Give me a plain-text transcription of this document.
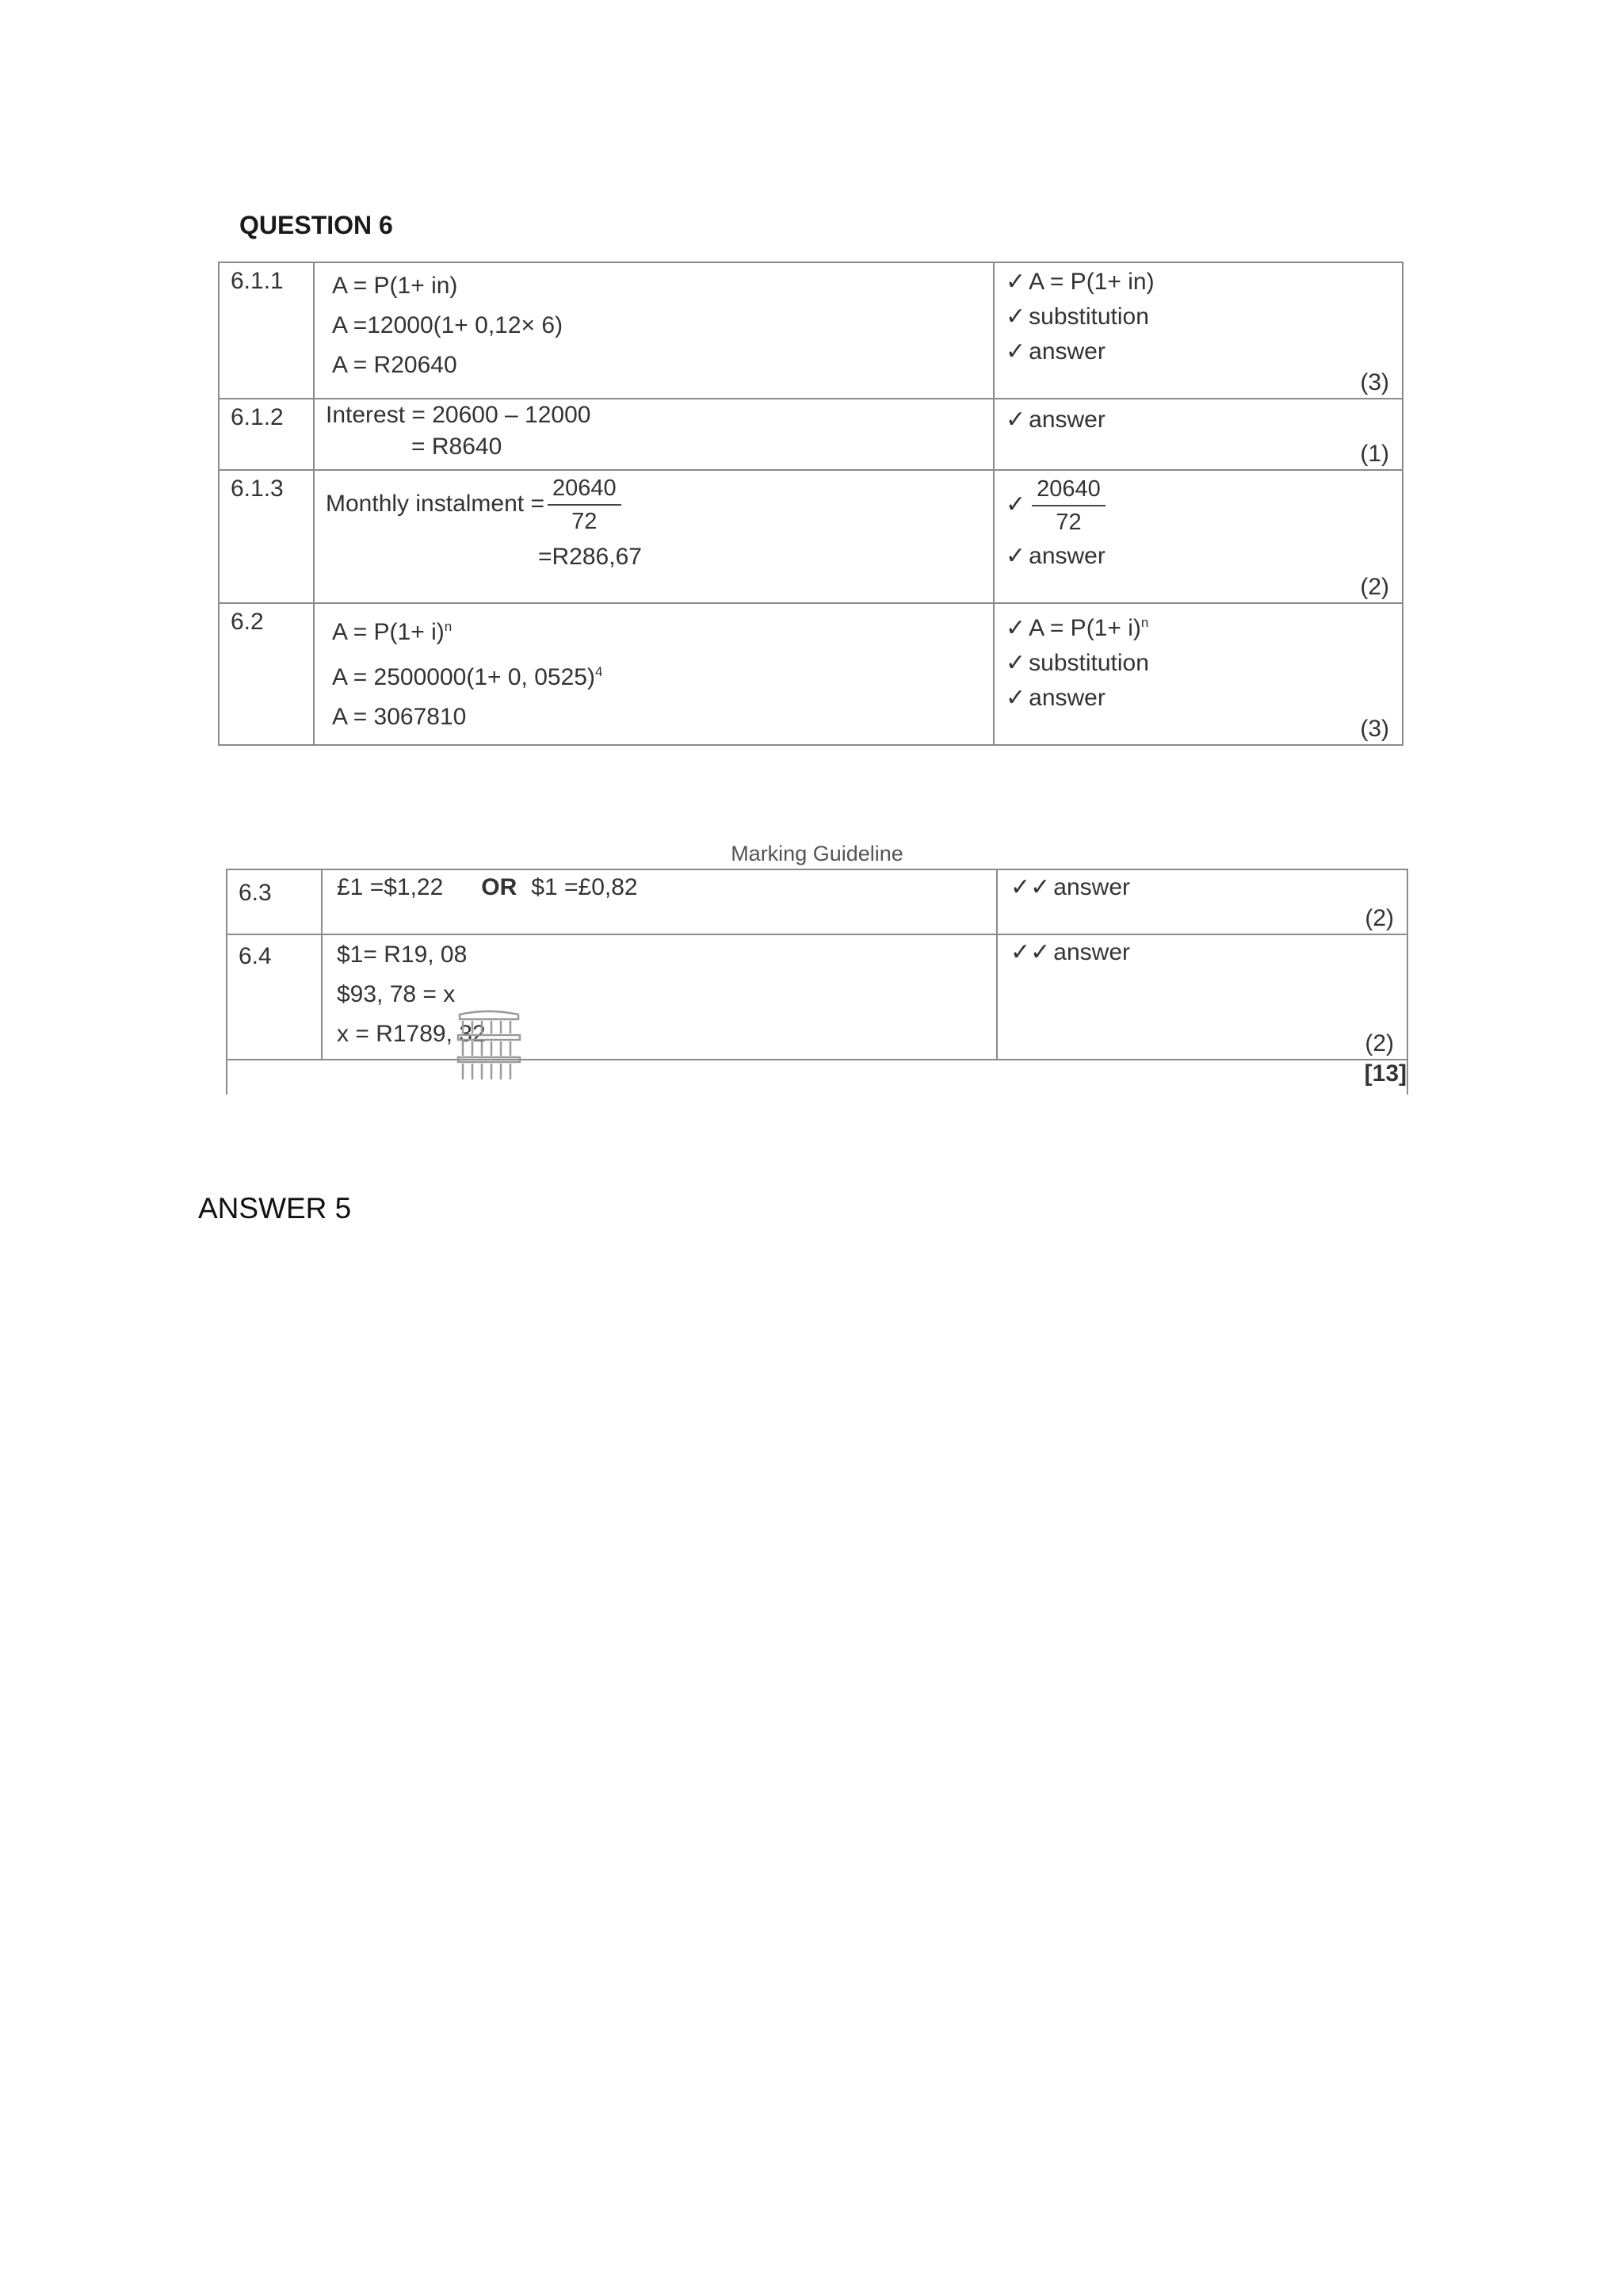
QUESTION 6
6.1.1	A = P(1+ in)
A =12000(1+ 0,12× 6)
A = R20640	✓ A = P(1+ in)
✓ substitution
✓ answer
(3)

6.1.2	Interest = 20600 – 12000
= R8640	✓ answer
(1)

6.1.3	Monthly instalment = $\frac{20640}{72}$
=R286,67	✓ $\frac{20640}{72}$
✓ answer
(2)

6.2	$A = P(1+ i)^n$
A = 2500000(1+ 0, 0525)$^4$
A = 3067810	✓ $A = P(1+ i)^n$
✓ substitution
✓ answer
(3)
Marking Guideline
6.3	£1 =$1,22 OR $1 =£0,82	✓✓ answer
(2)

6.4	$1= R19, 08
$93, 78 = x
x = R1789, 32	✓✓ answer
(2)

[13]		

ANSWER 5
